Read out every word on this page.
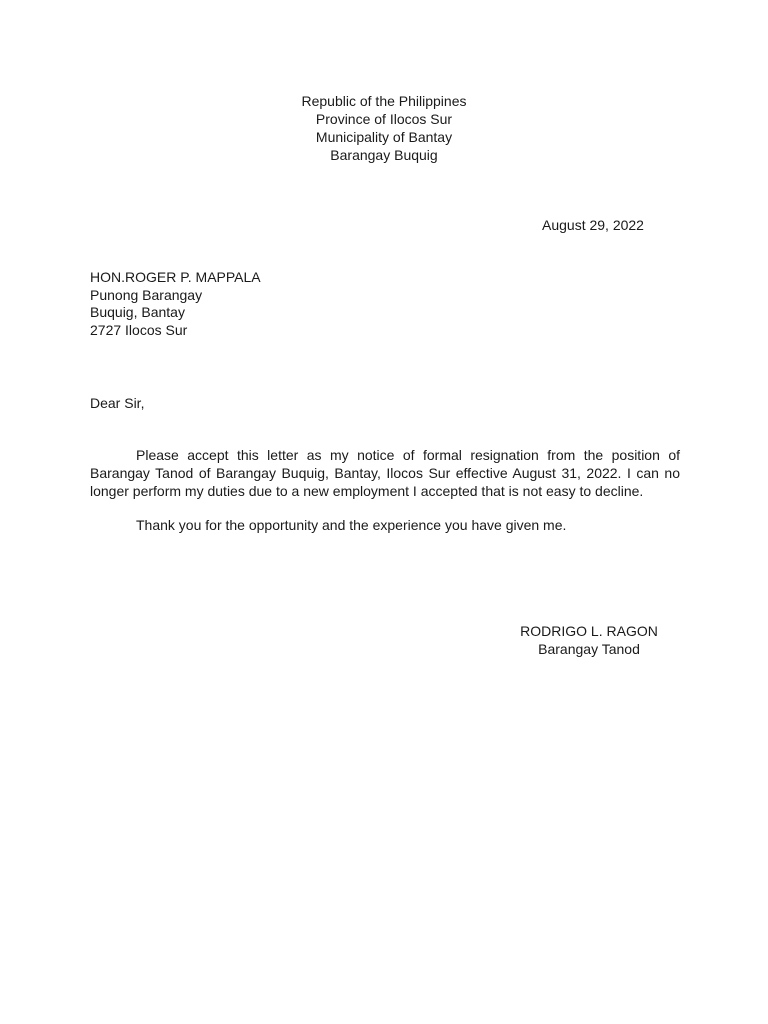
Republic of the Philippines
Province of Ilocos Sur
Municipality of Bantay
Barangay Buquig
August 29, 2022
HON.ROGER P. MAPPALA
Punong Barangay
Buquig, Bantay
2727 Ilocos Sur
Dear Sir,

Please accept this letter as my notice of formal resignation from the position of Barangay Tanod of Barangay Buquig, Bantay, Ilocos Sur effective August 31, 2022. I can no longer perform my duties due to a new employment I accepted that is not easy to decline.

Thank you for the opportunity and the experience you have given me.

RODRIGO L. RAGON
Barangay Tanod
